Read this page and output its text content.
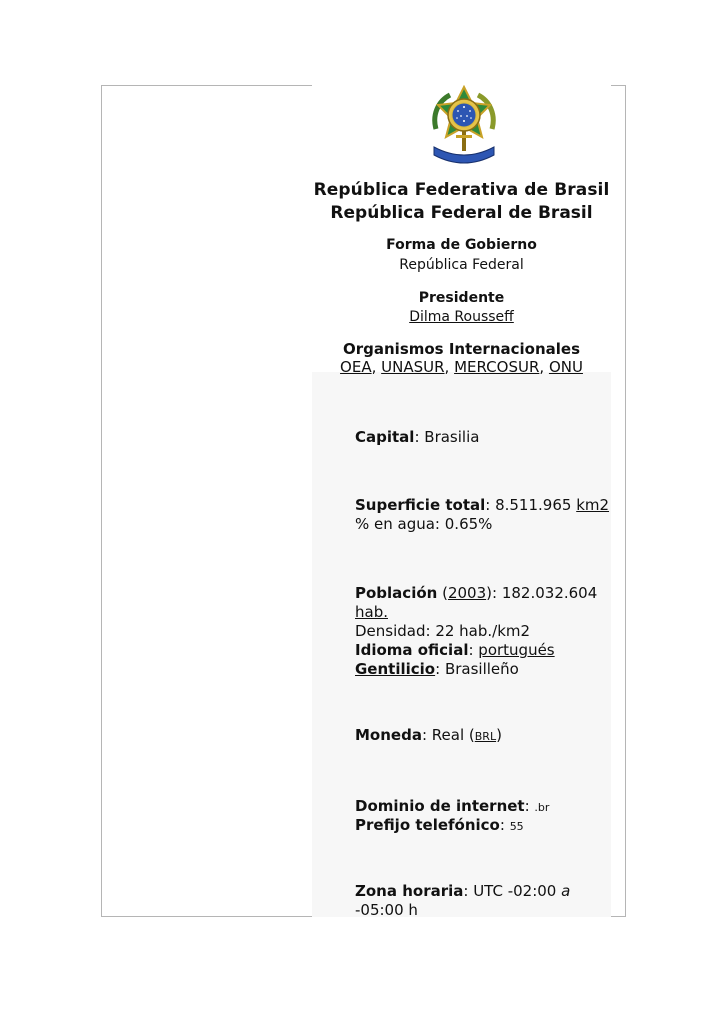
República Federativa de Brasil
República Federal de Brasil
Forma de Gobierno
República Federal
Presidente
Dilma Rousseff
Organismos Internacionales
OEA, UNASUR, MERCOSUR, ONU
Capital: Brasilia
Superficie total: 8.511.965 km2
% en agua: 0.65%
Población (2003): 182.032.604
hab.
Densidad: 22 hab./km2
Idioma oficial: portugués
Gentilicio: Brasilleño
Moneda: Real (BRL)
Dominio de internet: .br
Prefijo telefónico: 55
Zona horaria: UTC -02:00 a
-05:00 h
